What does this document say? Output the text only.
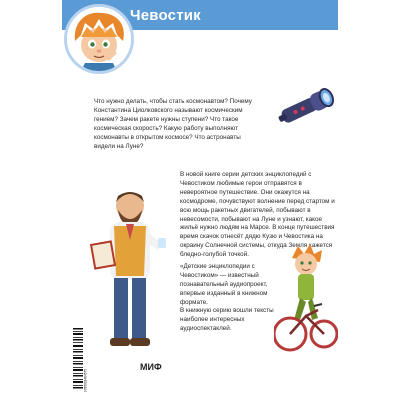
Чевостик

Что нужно делать, чтобы стать космонавтом? Почему Константина Циолковского называют космическим гением? Зачем ракете нужны ступени? Что такое космическая скорость? Какую работу выполняют космонавты в открытом космосе? Что астронавты видели на Луне?

В новой книге серии детских энциклопедий с Чевостиком любимые герои отправятся в невероятное путешествие. Они окажутся на космодроме, почувствуют волнение перед стартом и всю мощь ракетных двигателей, побывают в невесомости, побывают на Луне и узнают, какое жильё нужно людям на Марсе. В конце путешествия время скачок отнесёт дядю Кузю и Чевостика на окраину Солнечной системы, откуда Земля кажется бледно-голубой точкой.

«Детские энциклопедии с Чевостиком» — известный познавательный аудиопроект, впервые изданный в книжном формате.

В книжную серию вошли тексты наиболее интересных аудиоспектаклей.

9785001464575
МИФ
